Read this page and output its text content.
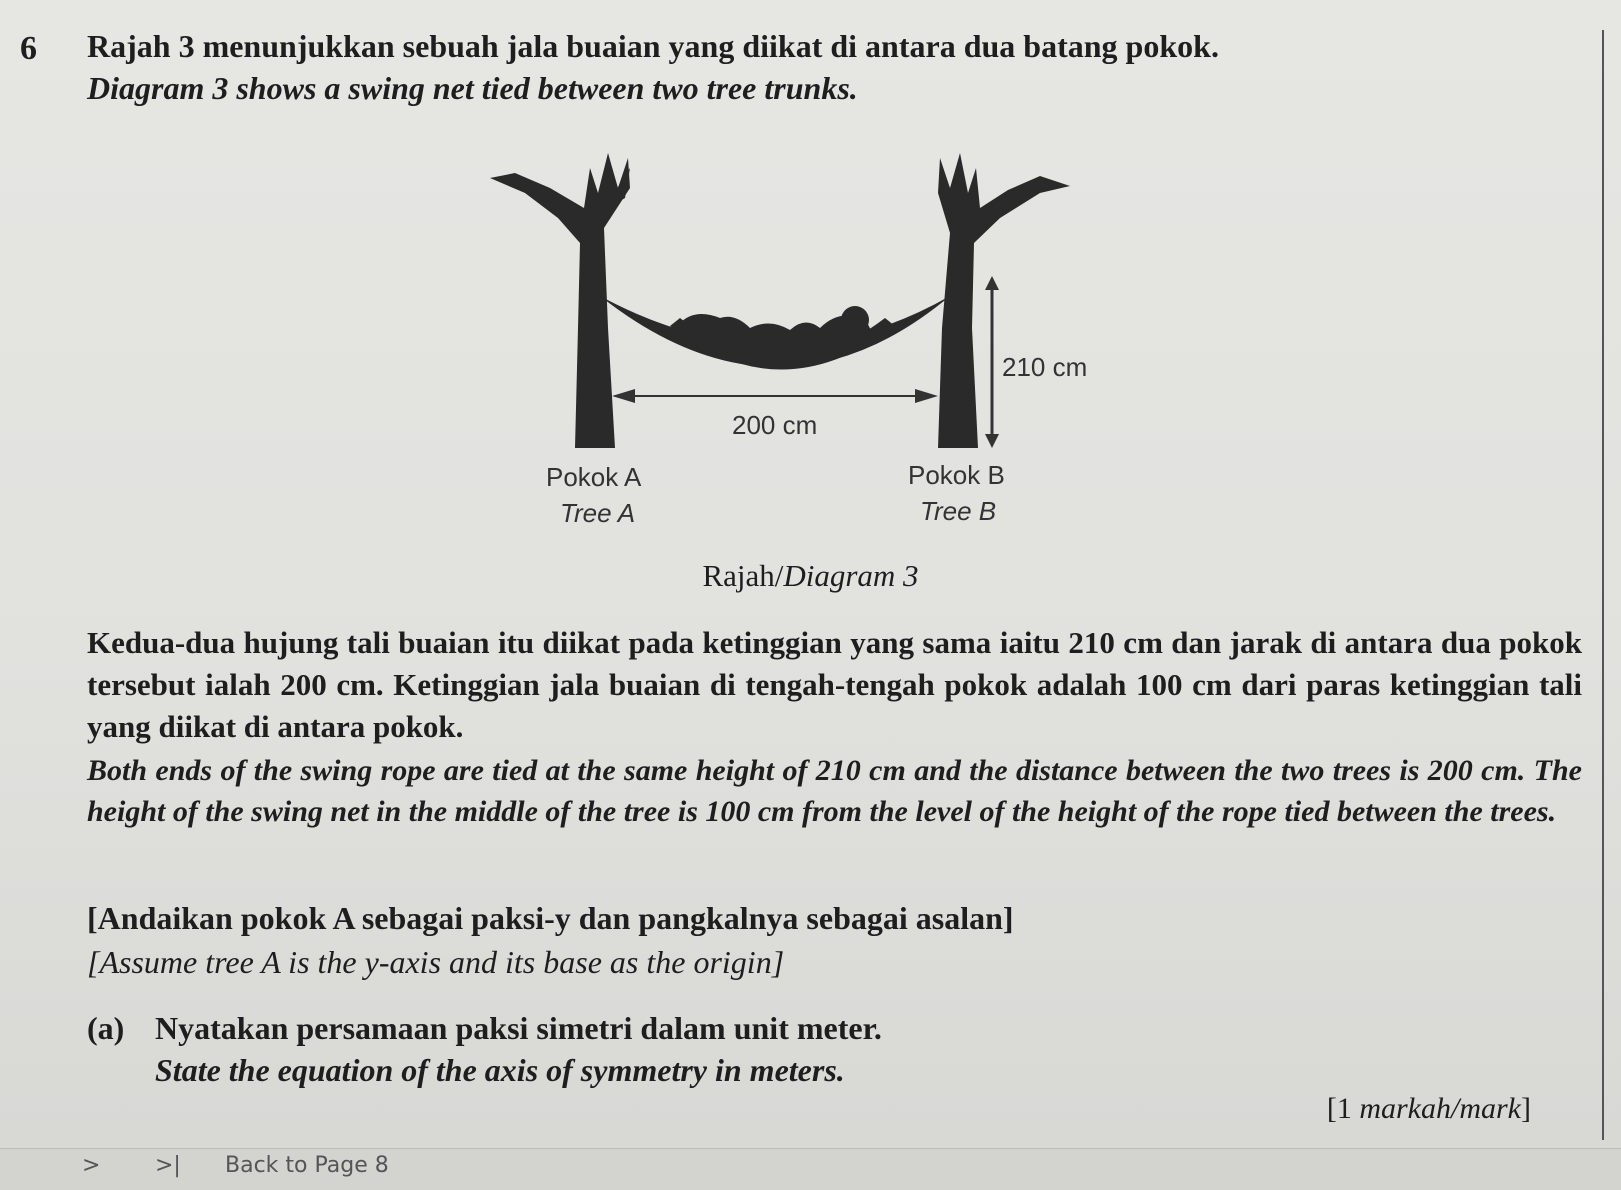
6 Rajah 3 menunjukkan sebuah jala buaian yang diikat di antara dua batang pokok.
Diagram 3 shows a swing net tied between two tree trunks.
200 cm
210 cm
Pokok A
Tree A
Pokok B
Tree B
Rajah/Diagram 3
Kedua-dua hujung tali buaian itu diikat pada ketinggian yang sama iaitu 210 cm dan jarak di antara dua pokok tersebut ialah 200 cm. Ketinggian jala buaian di tengah-tengah pokok adalah 100 cm dari paras ketinggian tali yang diikat di antara pokok.
Both ends of the swing rope are tied at the same height of 210 cm and the distance between the two trees is 200 cm. The height of the swing net in the middle of the tree is 100 cm from the level of the height of the rope tied between the trees.
[Andaikan pokok A sebagai paksi-y dan pangkalnya sebagai asalan]
[Assume tree A is the y-axis and its base as the origin]
(a) Nyatakan persamaan paksi simetri dalam unit meter.
State the equation of the axis of symmetry in meters.
[1 markah/mark]
> >| Back to Page 8
